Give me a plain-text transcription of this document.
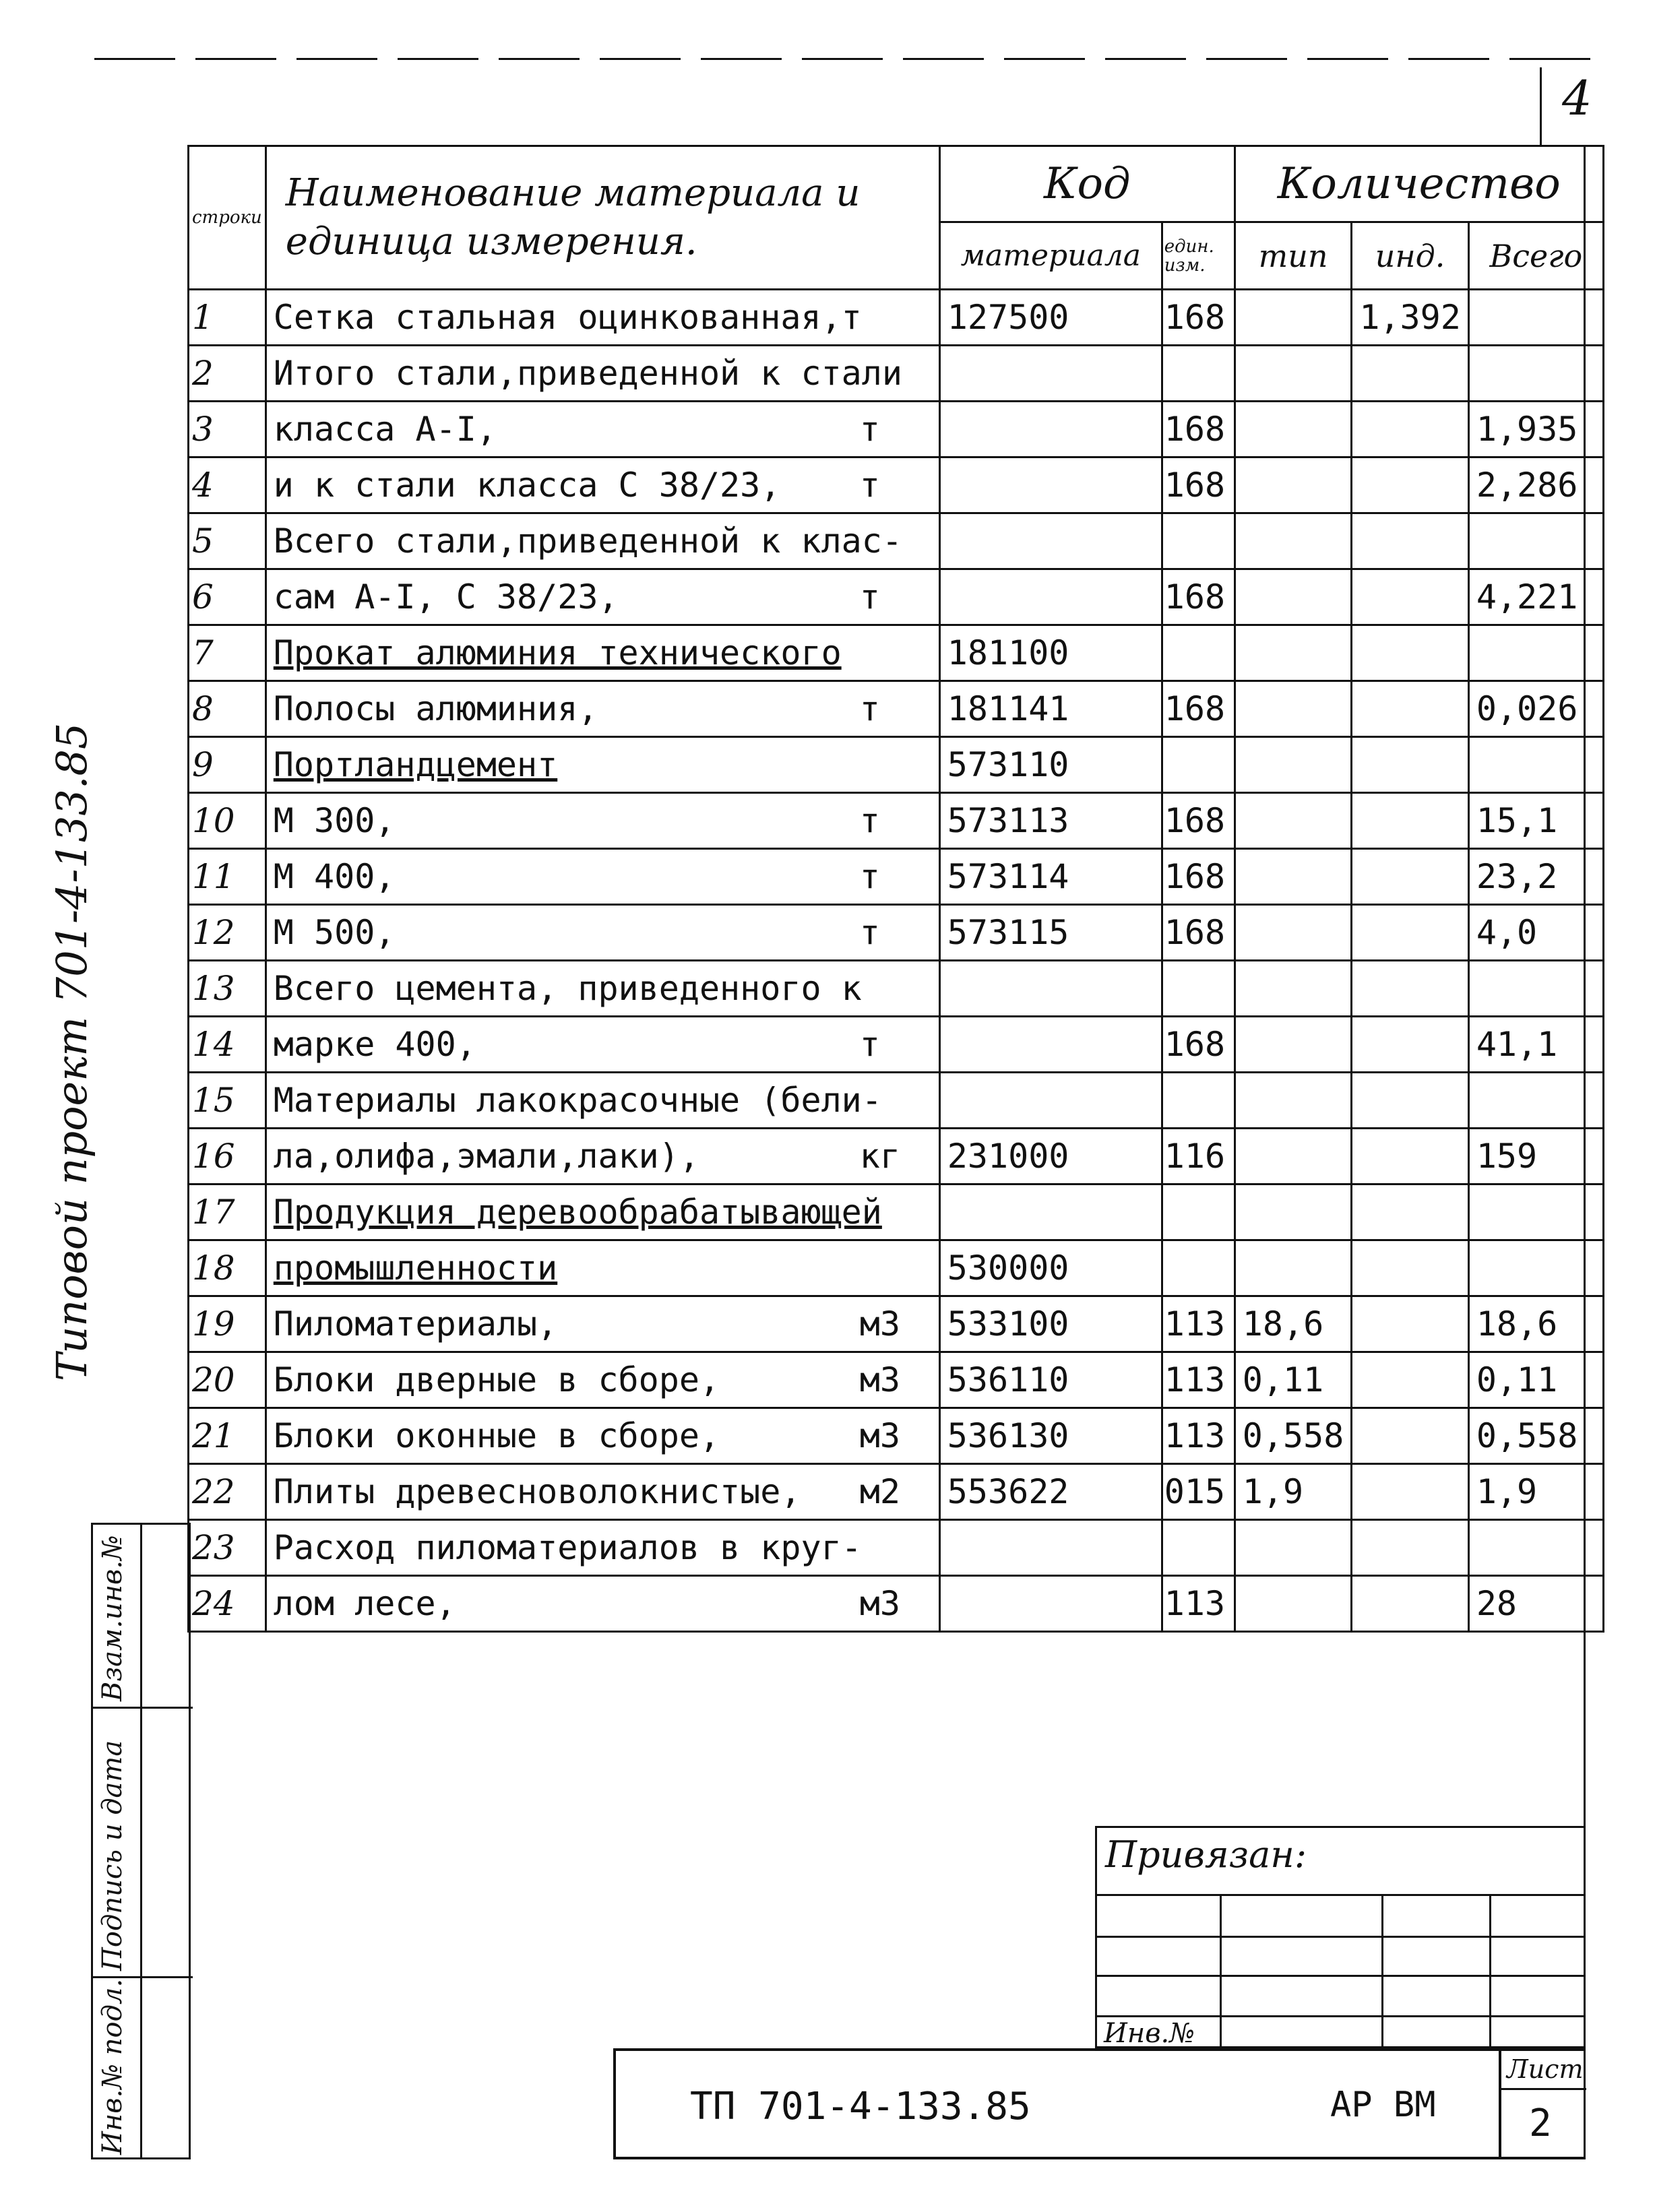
4
Типовой проект 701-4-133.85
строки	Наименование материала и единица измерения.	Код		Количество		
		материала	един. изм.	тип	инд.	Всего
1	Сетка стальная оцинкованная,т	127500	168		1,392	
2	Итого стали,приведенной к стали

3	класса А-I, т		168			1,935
4	и к стали класса С 38/23, т		168			2,286
5	Всего стали,приведенной к клас-

6	сам А-I, С 38/23, т		168			4,221
7	Прокат алюминия технического	181100				
8	Полосы алюминия, т	181141	168			0,026
9	Портландцемент	573110				
10	М 300, т	573113	168			15,1
11	М 400, т	573114	168			23,2
12	М 500, т	573115	168			4,0
13	Всего цемента, приведенного к

14	марке 400, т		168			41,1
15	Материалы лакокрасочные (бели-

16	ла,олифа,эмали,лаки), кг	231000	116			159
17	Продукция деревообрабатывающей

18	промышленности	530000				
19	Пиломатериалы, м3	533100	113	18,6		18,6
20	Блоки дверные в сборе, м3	536110	113	0,11		0,11
21	Блоки оконные в сборе, м3	536130	113	0,558		0,558
22	Плиты древесноволокнистые, м2	553622	015	1,9		1,9
23	Расход пиломатериалов в круг-

24	лом лесе, м3		113			28
Привязан:
Инв.№
ТП 701-4-133.85	АР ВМ
Лист
2
Взам.инв.№
Подпись и дата
Инв.№ подл.
